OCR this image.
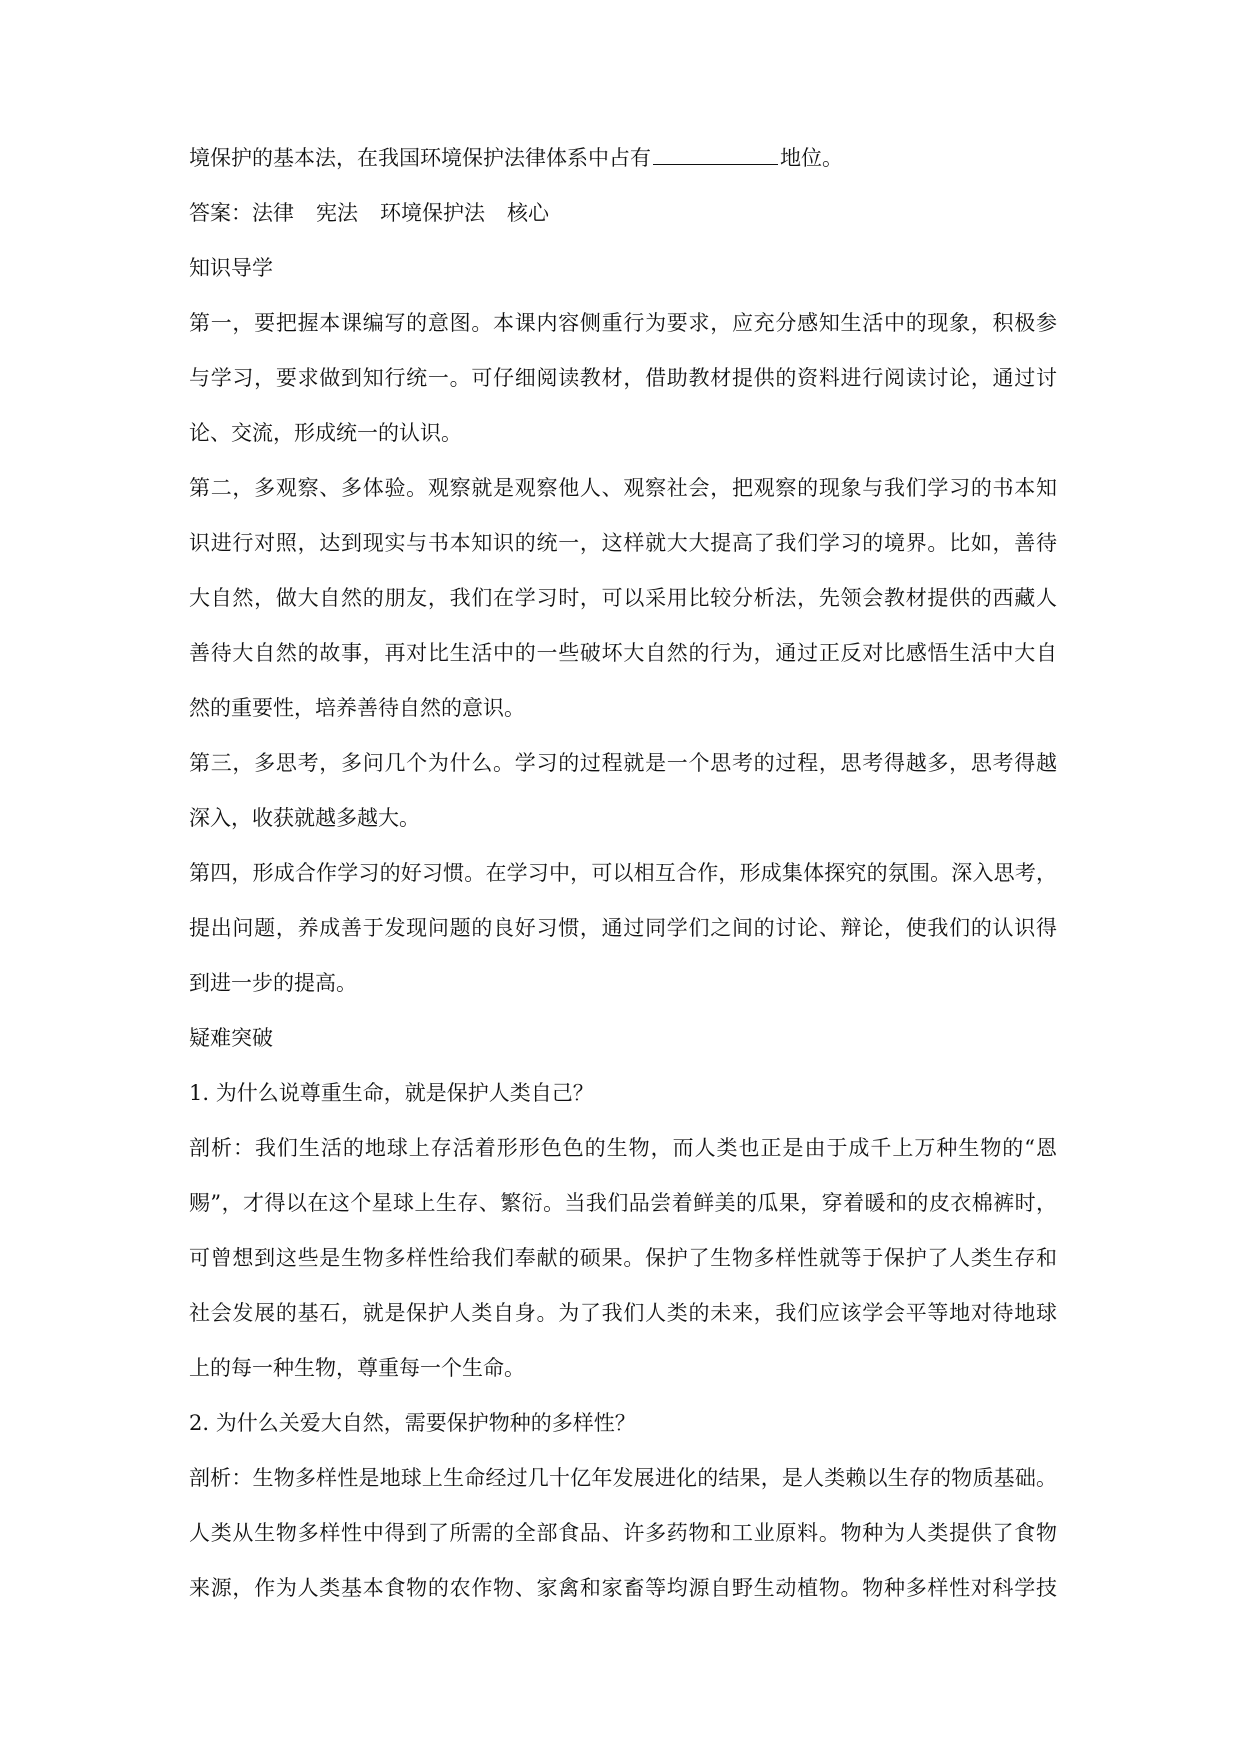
境保护的基本法，在我国环境保护法律体系中占有	地位。
答案：法律 宪法 环境保护法 核心
知识导学
第一，要把握本课编写的意图。本课内容侧重行为要求，应充分感知生活中的现象，积极参
与学习，要求做到知行统一。可仔细阅读教材，借助教材提供的资料进行阅读讨论，通过讨
论、交流，形成统一的认识。
第二，多观察、多体验。观察就是观察他人、观察社会，把观察的现象与我们学习的书本知
识进行对照，达到现实与书本知识的统一，这样就大大提高了我们学习的境界。比如，善待
大自然，做大自然的朋友，我们在学习时，可以采用比较分析法，先领会教材提供的西藏人
善待大自然的故事，再对比生活中的一些破坏大自然的行为，通过正反对比感悟生活中大自
然的重要性，培养善待自然的意识。
第三，多思考，多问几个为什么。学习的过程就是一个思考的过程，思考得越多，思考得越
深入，收获就越多越大。
第四，形成合作学习的好习惯。在学习中，可以相互合作，形成集体探究的氛围。深入思考，
提出问题，养成善于发现问题的良好习惯，通过同学们之间的讨论、辩论，使我们的认识得
到进一步的提高。
疑难突破
1. 为什么说尊重生命，就是保护人类自己？
剖析：我们生活的地球上存活着形形色色的生物，而人类也正是由于成千上万种生物的“恩
赐”，才得以在这个星球上生存、繁衍。当我们品尝着鲜美的瓜果，穿着暖和的皮衣棉裤时，
可曾想到这些是生物多样性给我们奉献的硕果。保护了生物多样性就等于保护了人类生存和
社会发展的基石，就是保护人类自身。为了我们人类的未来，我们应该学会平等地对待地球
上的每一种生物，尊重每一个生命。
2. 为什么关爱大自然，需要保护物种的多样性？
剖析：生物多样性是地球上生命经过几十亿年发展进化的结果，是人类赖以生存的物质基础。
人类从生物多样性中得到了所需的全部食品、许多药物和工业原料。物种为人类提供了食物
来源，作为人类基本食物的农作物、家禽和家畜等均源自野生动植物。物种多样性对科学技
